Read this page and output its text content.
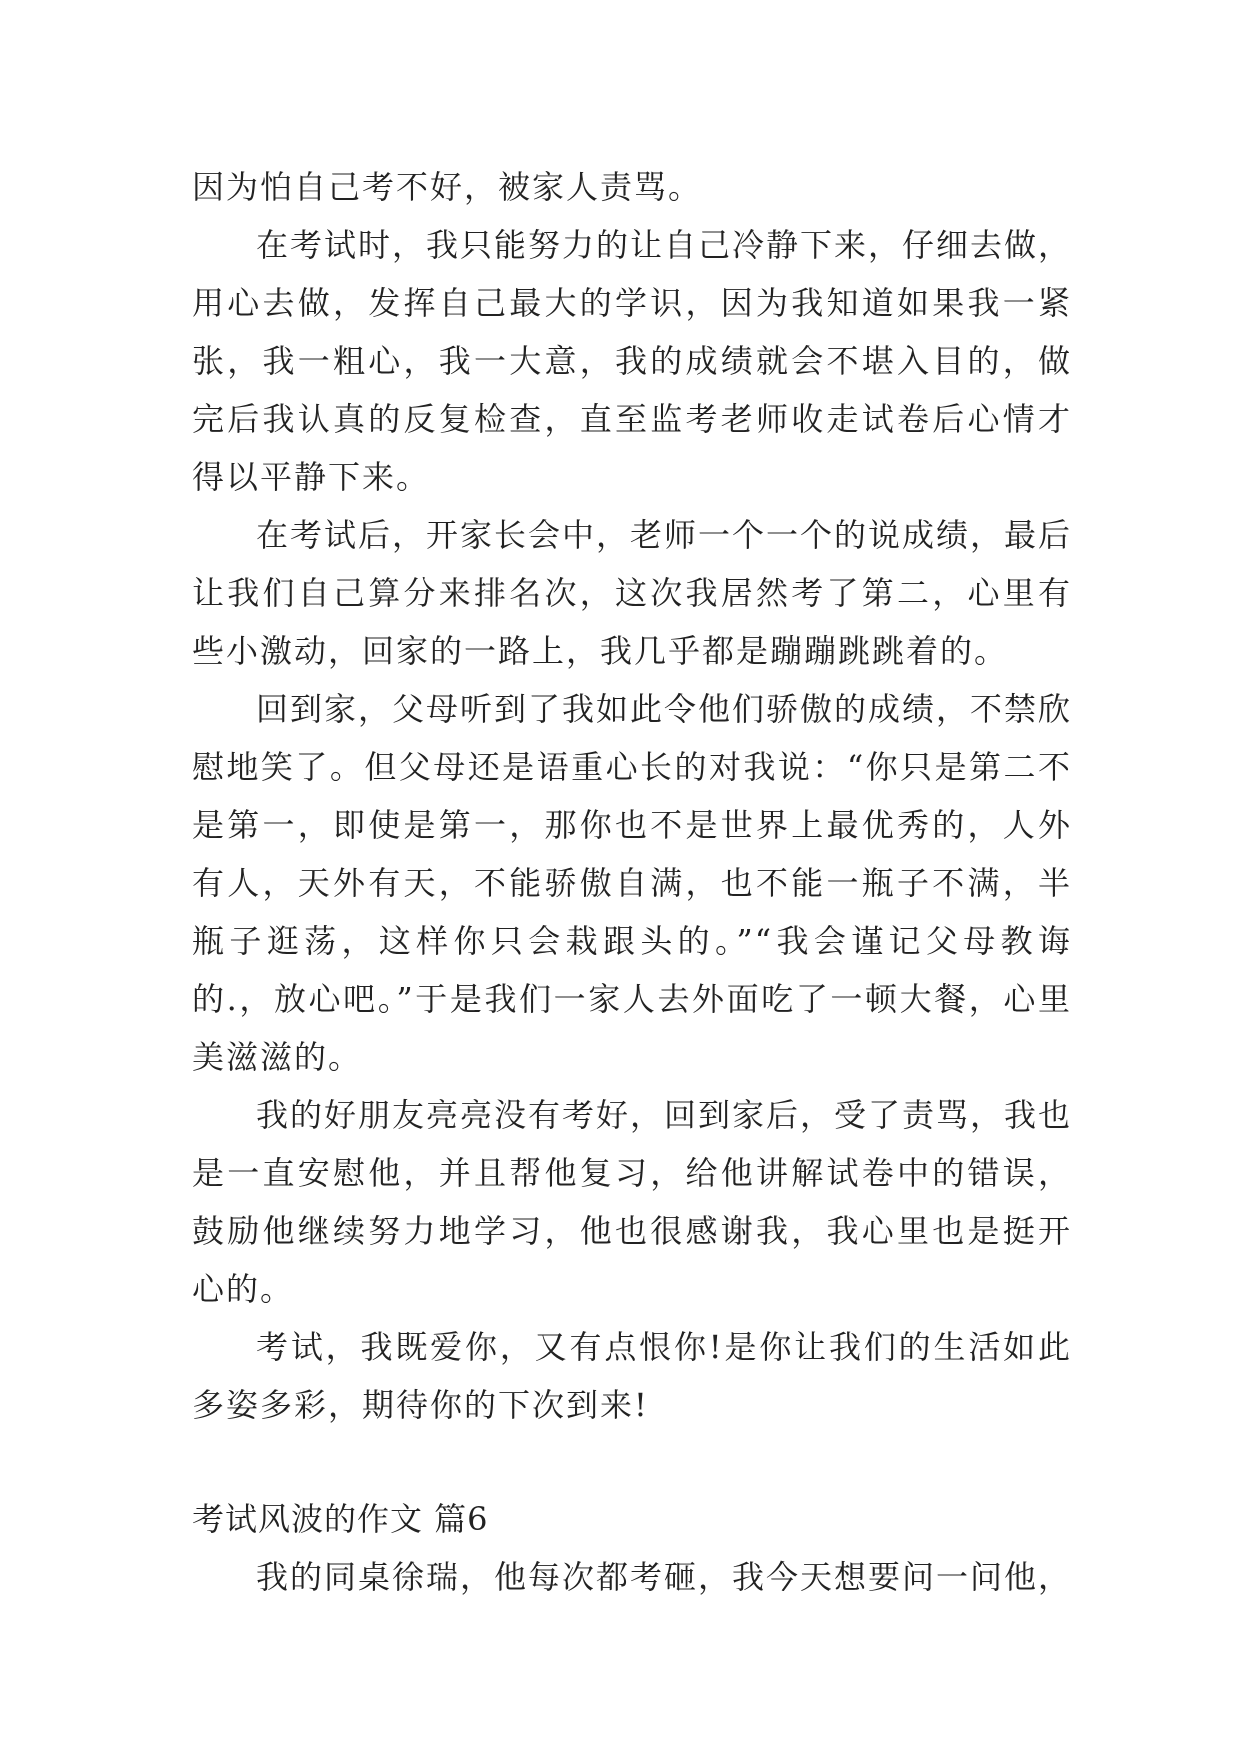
因为怕自己考不好，被家人责骂。

在考试时，我只能努力的让自己冷静下来，仔细去做，用心去做，发挥自己最大的学识，因为我知道如果我一紧张，我一粗心，我一大意，我的成绩就会不堪入目的，做完后我认真的反复检查，直至监考老师收走试卷后心情才得以平静下来。

在考试后，开家长会中，老师一个一个的说成绩，最后让我们自己算分来排名次，这次我居然考了第二，心里有些小激动，回家的一路上，我几乎都是蹦蹦跳跳着的。

回到家，父母听到了我如此令他们骄傲的成绩，不禁欣慰地笑了。但父母还是语重心长的对我说：“你只是第二不是第一，即使是第一，那你也不是世界上最优秀的，人外有人，天外有天，不能骄傲自满，也不能一瓶子不满，半瓶子逛荡，这样你只会栽跟头的。”“我会谨记父母教诲的.，放心吧。”于是我们一家人去外面吃了一顿大餐，心里美滋滋的。

我的好朋友亮亮没有考好，回到家后，受了责骂，我也是一直安慰他，并且帮他复习，给他讲解试卷中的错误，鼓励他继续努力地学习，他也很感谢我，我心里也是挺开心的。

考试，我既爱你，又有点恨你!是你让我们的生活如此多姿多彩，期待你的下次到来!

考试风波的作文 篇6

我的同桌徐瑞，他每次都考砸，我今天想要问一问他，
